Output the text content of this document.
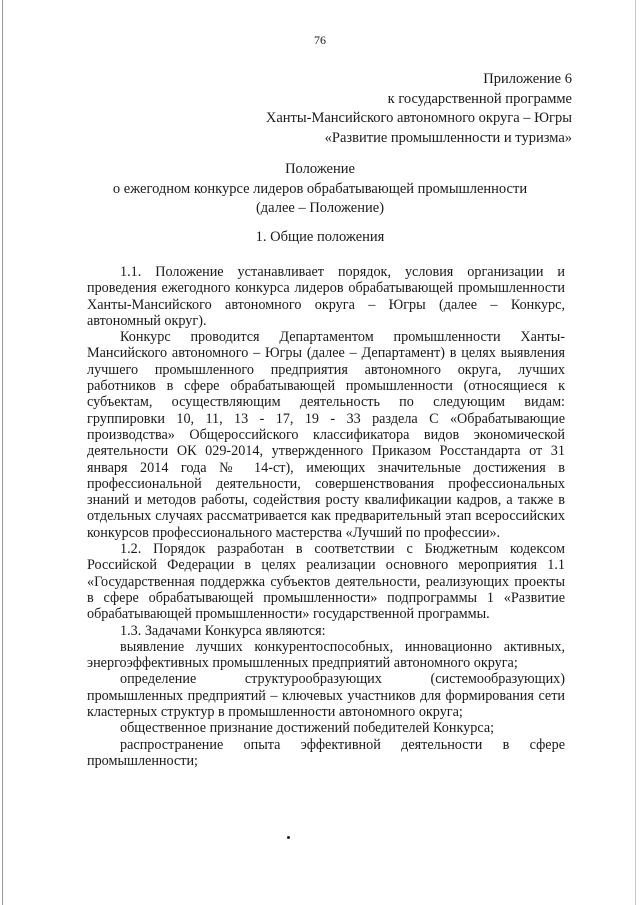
76
Приложение 6
к государственной программе
Ханты-Мансийского автономного округа – Югры
«Развитие промышленности и туризма»
Положение
о ежегодном конкурсе лидеров обрабатывающей промышленности
(далее – Положение)
1. Общие положения

1.1. Положение устанавливает порядок, условия организации и проведения ежегодного конкурса лидеров обрабатывающей промышленности Ханты-Мансийского автономного округа – Югры (далее – Конкурс, автономный округ).

Конкурс проводится Департаментом промышленности Ханты-Мансийского автономного – Югры (далее – Департамент) в целях выявления лучшего промышленного предприятия автономного округа, лучших работников в сфере обрабатывающей промышленности (относящиеся к субъектам, осуществляющим деятельность по следующим видам: группировки 10, 11, 13 - 17, 19 - 33 раздела С «Обрабатывающие производства» Общероссийского классификатора видов экономической деятельности ОК 029-2014, утвержденного Приказом Росстандарта от 31 января 2014 года № 14-ст), имеющих значительные достижения в профессиональной деятельности, совершенствования профессиональных знаний и методов работы, содействия росту квалификации кадров, а также в отдельных случаях рассматривается как предварительный этап всероссийских конкурсов профессионального мастерства «Лучший по профессии».

1.2. Порядок разработан в соответствии с Бюджетным кодексом Российской Федерации в целях реализации основного мероприятия 1.1 «Государственная поддержка субъектов деятельности, реализующих проекты в сфере обрабатывающей промышленности» подпрограммы 1 «Развитие обрабатывающей промышленности» государственной программы.

1.3. Задачами Конкурса являются:

выявление лучших конкурентоспособных, инновационно активных, энергоэффективных промышленных предприятий автономного округа;

определение структурообразующих (системообразующих) промышленных предприятий – ключевых участников для формирования сети кластерных структур в промышленности автономного округа;

общественное признание достижений победителей Конкурса;

распространение опыта эффективной деятельности в сфере промышленности;
